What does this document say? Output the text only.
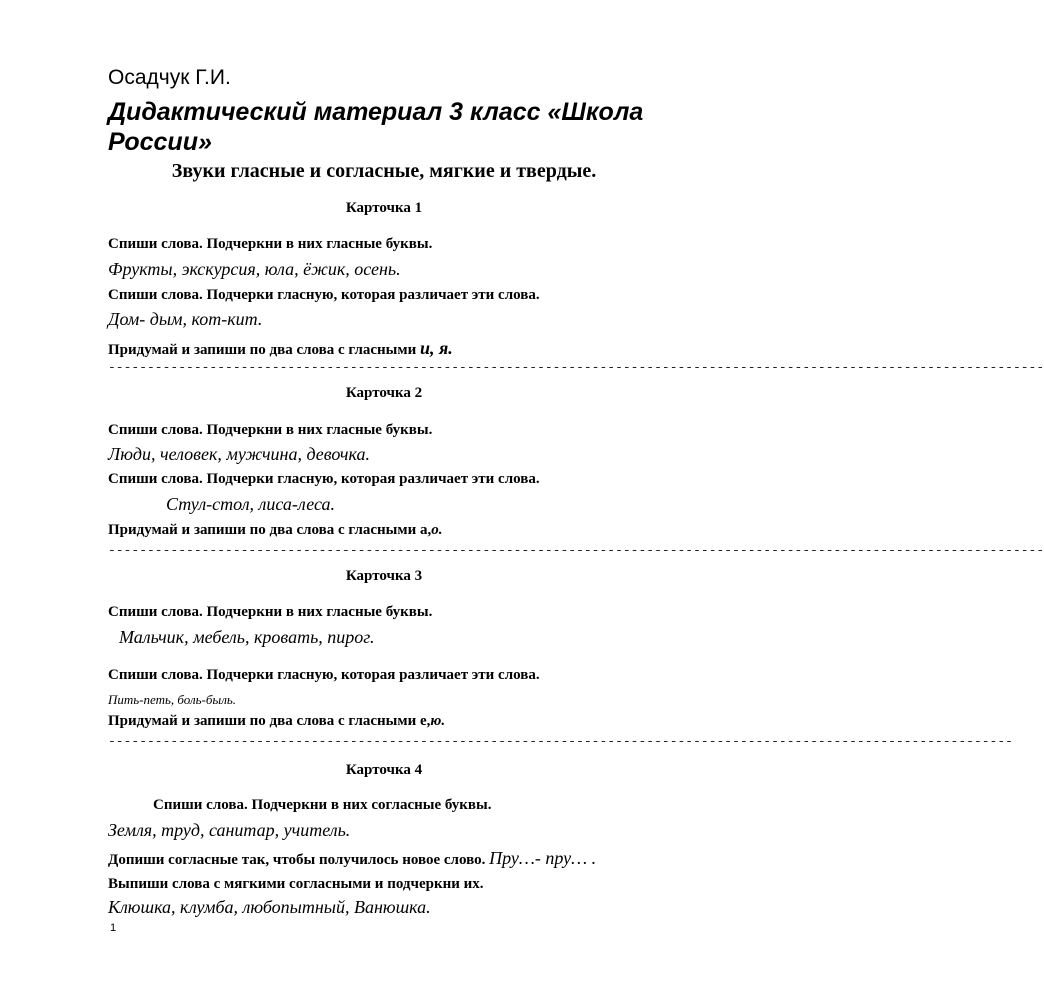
Осадчук Г.И.
Дидактический материал 3 класс «Школа России»
Звуки гласные и согласные, мягкие и твердые.
Карточка 1
Спиши слова. Подчеркни в них гласные буквы.
Фрукты, экскурсия, юла, ёжик, осень.
Спиши слова. Подчерки гласную, которая различает эти слова.
Дом- дым, кот-кит.
Придумай и запиши по два слова с гласными и, я.
------------------------------------------------------------------------------------------------------------------------
Карточка 2
Спиши слова. Подчеркни в них гласные буквы.
Люди, человек, мужчина, девочка.
Спиши слова. Подчерки гласную, которая различает эти слова.
Стул-стол, лиса-леса.
Придумай и запиши по два слова с гласными а,о.
------------------------------------------------------------------------------------------------------------------------
Карточка 3
Спиши слова. Подчеркни в них гласные буквы.
Мальчик, мебель, кровать, пирог.
Спиши слова. Подчерки гласную, которая различает эти слова.
Пить-петь, боль-быль.
Придумай и запиши по два слова с гласными е,ю.
--------------------------------------------------------------------------------------------------------------------
Карточка 4
Спиши слова. Подчеркни в них согласные буквы.
Земля, труд, санитар, учитель.
Допиши согласные так, чтобы получилось новое слово. Пру…- пру… .
Выпиши слова с мягкими согласными и подчеркни их.
Клюшка, клумба, любопытный, Ванюшка.
1
